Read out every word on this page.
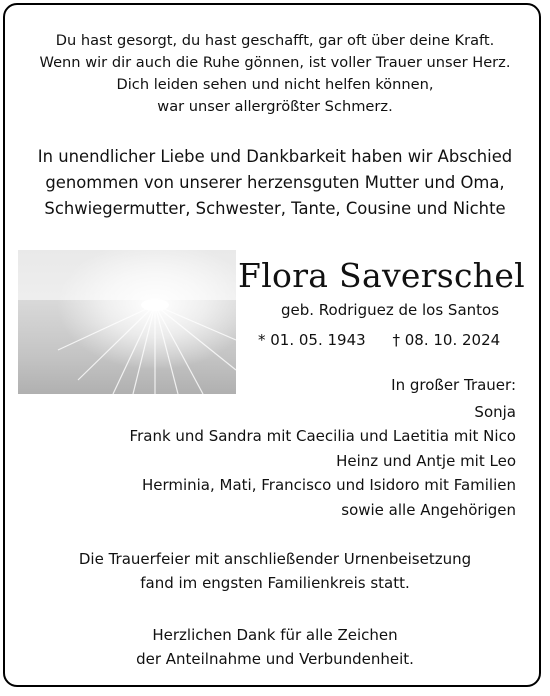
Du hast gesorgt, du hast geschafft, gar oft über deine Kraft.
Wenn wir dir auch die Ruhe gönnen, ist voller Trauer unser Herz.
Dich leiden sehen und nicht helfen können,
war unser allergrößter Schmerz.
In unendlicher Liebe und Dankbarkeit haben wir Abschied
genommen von unserer herzensguten Mutter und Oma,
Schwiegermutter, Schwester, Tante, Cousine und Nichte
Flora Saverschel
geb. Rodriguez de los Santos
* 01. 05. 1943 † 08. 10. 2024
In großer Trauer:
Sonja
Frank und Sandra mit Caecilia und Laetitia mit Nico
Heinz und Antje mit Leo
Herminia, Mati, Francisco und Isidoro mit Familien
sowie alle Angehörigen
Die Trauerfeier mit anschließender Urnenbeisetzung
fand im engsten Familienkreis statt.
Herzlichen Dank für alle Zeichen
der Anteilnahme und Verbundenheit.
